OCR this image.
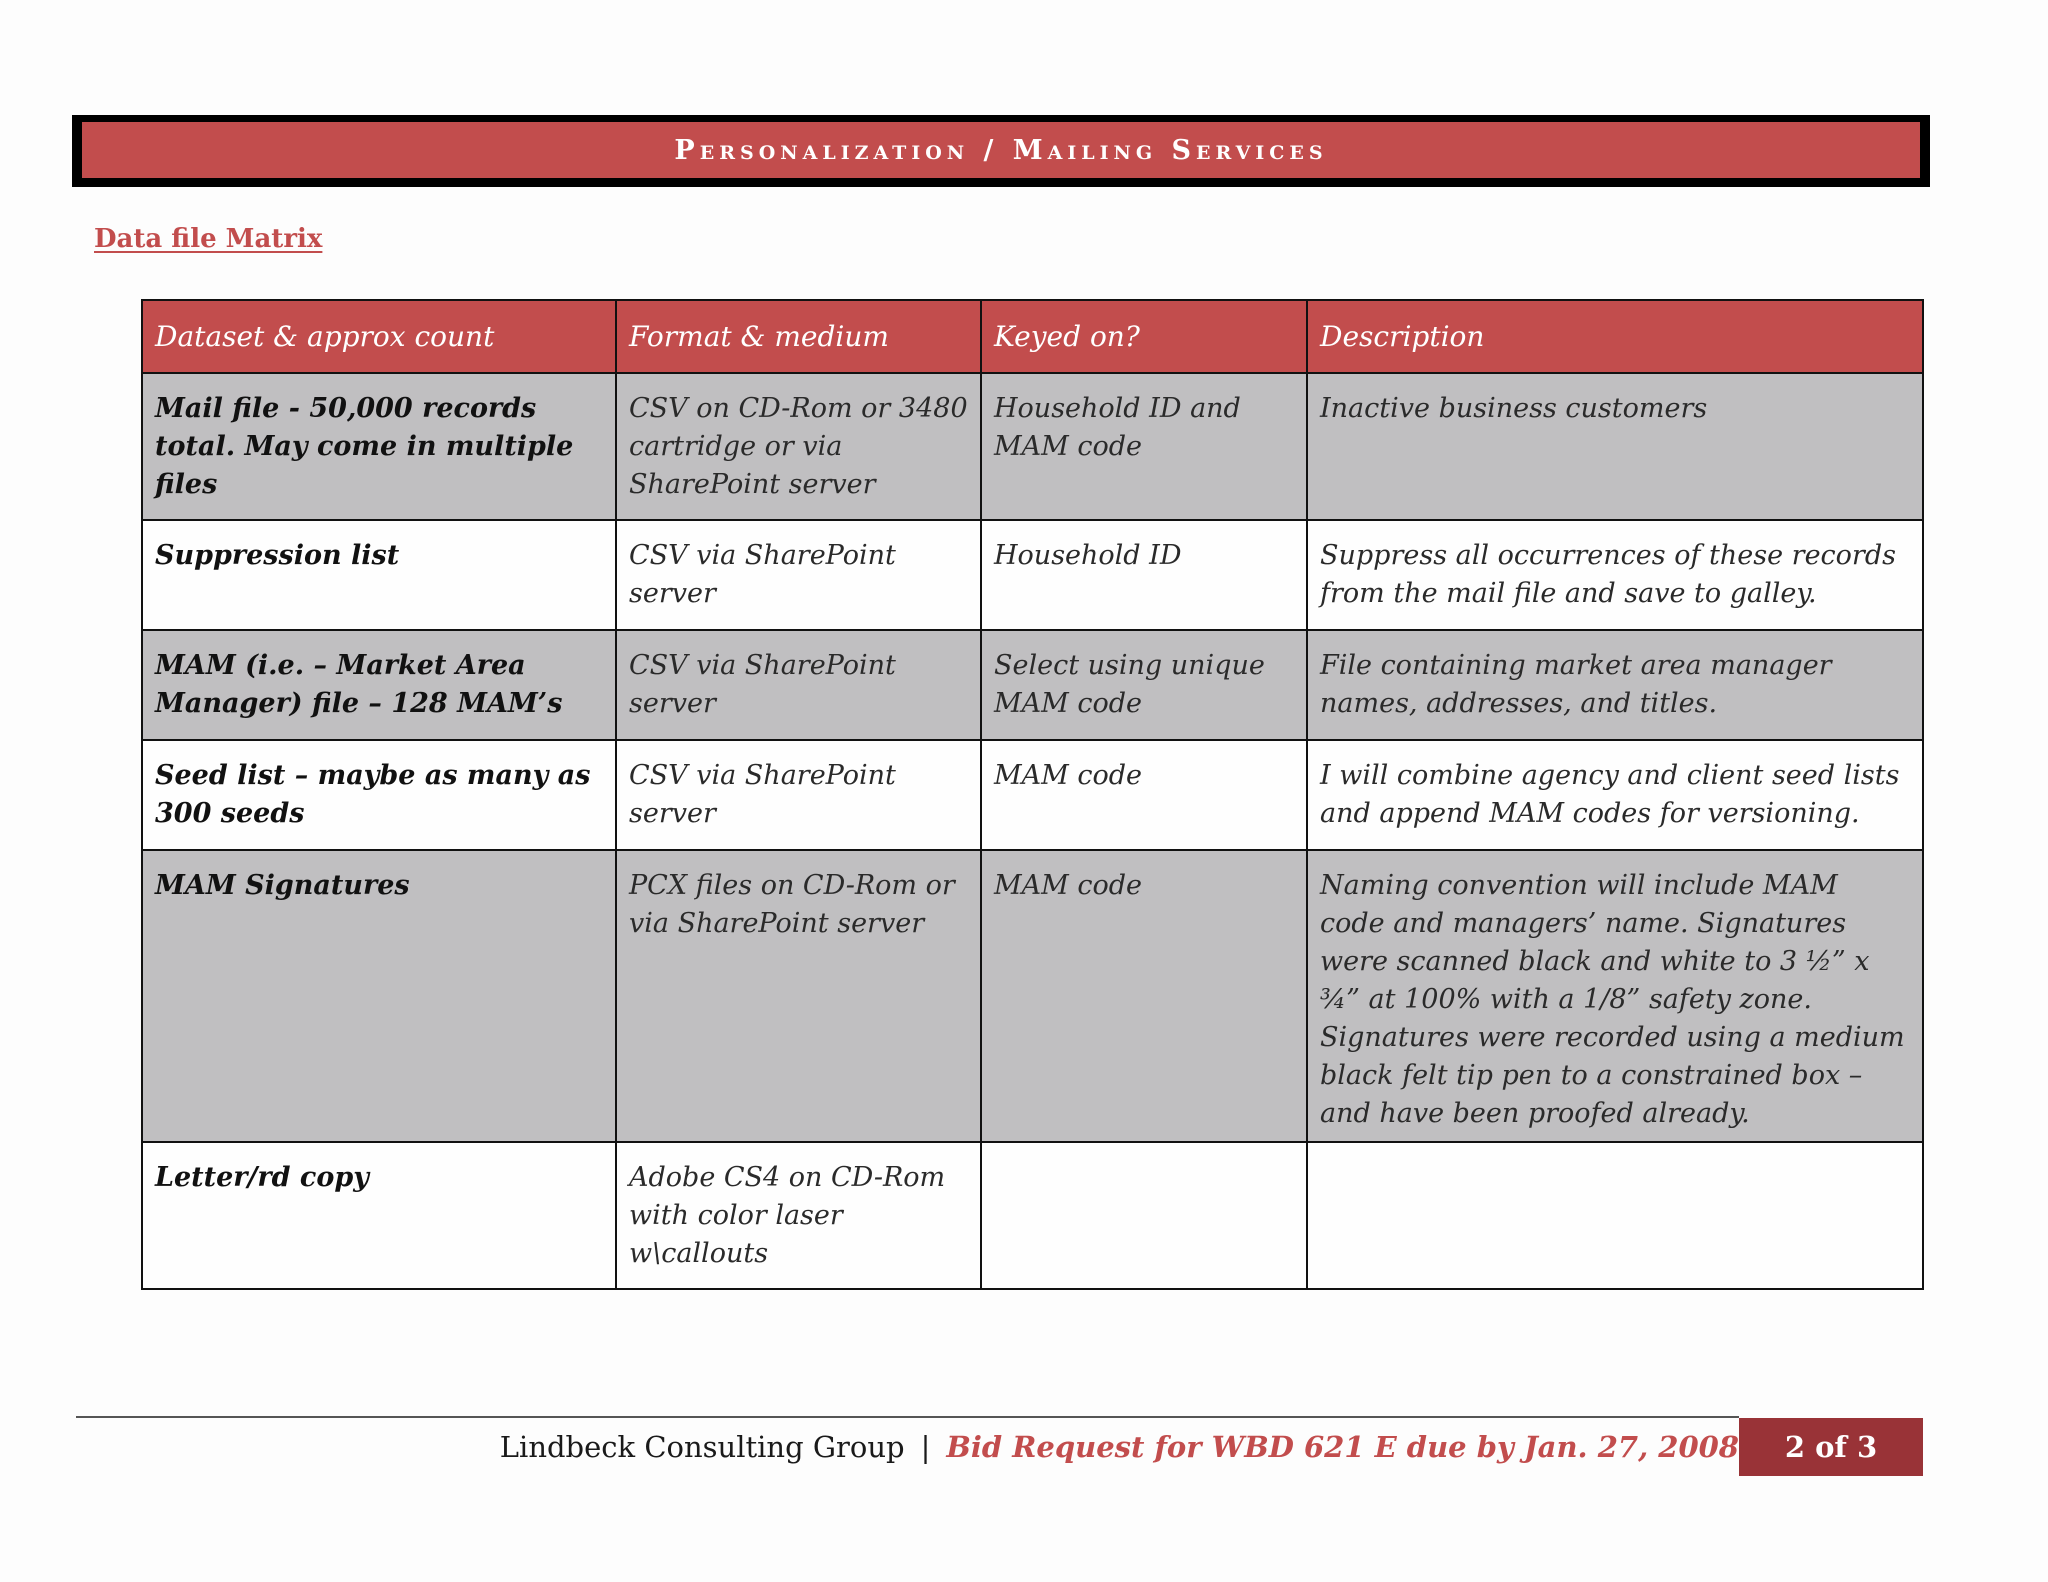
Personalization / Mailing Services
Data file Matrix
Dataset & approx count	Format & medium	Keyed on?	Description
Mail file - 50,000 records total. May come in multiple files	CSV on CD-Rom or 3480 cartridge or via SharePoint server	Household ID and MAM code	Inactive business customers
Suppression list	CSV via SharePoint server	Household ID	Suppress all occurrences of these records from the mail file and save to galley.
MAM (i.e. – Market Area Manager) file – 128 MAM’s	CSV via SharePoint server	Select using unique MAM code	File containing market area manager names, addresses, and titles.
Seed list – maybe as many as 300 seeds	CSV via SharePoint server	MAM code	I will combine agency and client seed lists and append MAM codes for versioning.
MAM Signatures	PCX files on CD-Rom or via SharePoint server	MAM code	Naming convention will include MAM code and managers’ name. Signatures were scanned black and white to 3 ½” x ¾” at 100% with a 1/8” safety zone. Signatures were recorded using a medium black felt tip pen to a constrained box – and have been proofed already.
Letter/rd copy	Adobe CS4 on CD-Rom with color laser w\callouts		
Lindbeck Consulting Group | Bid Request for WBD 621 E due by Jan. 27, 2008	2 of 3
